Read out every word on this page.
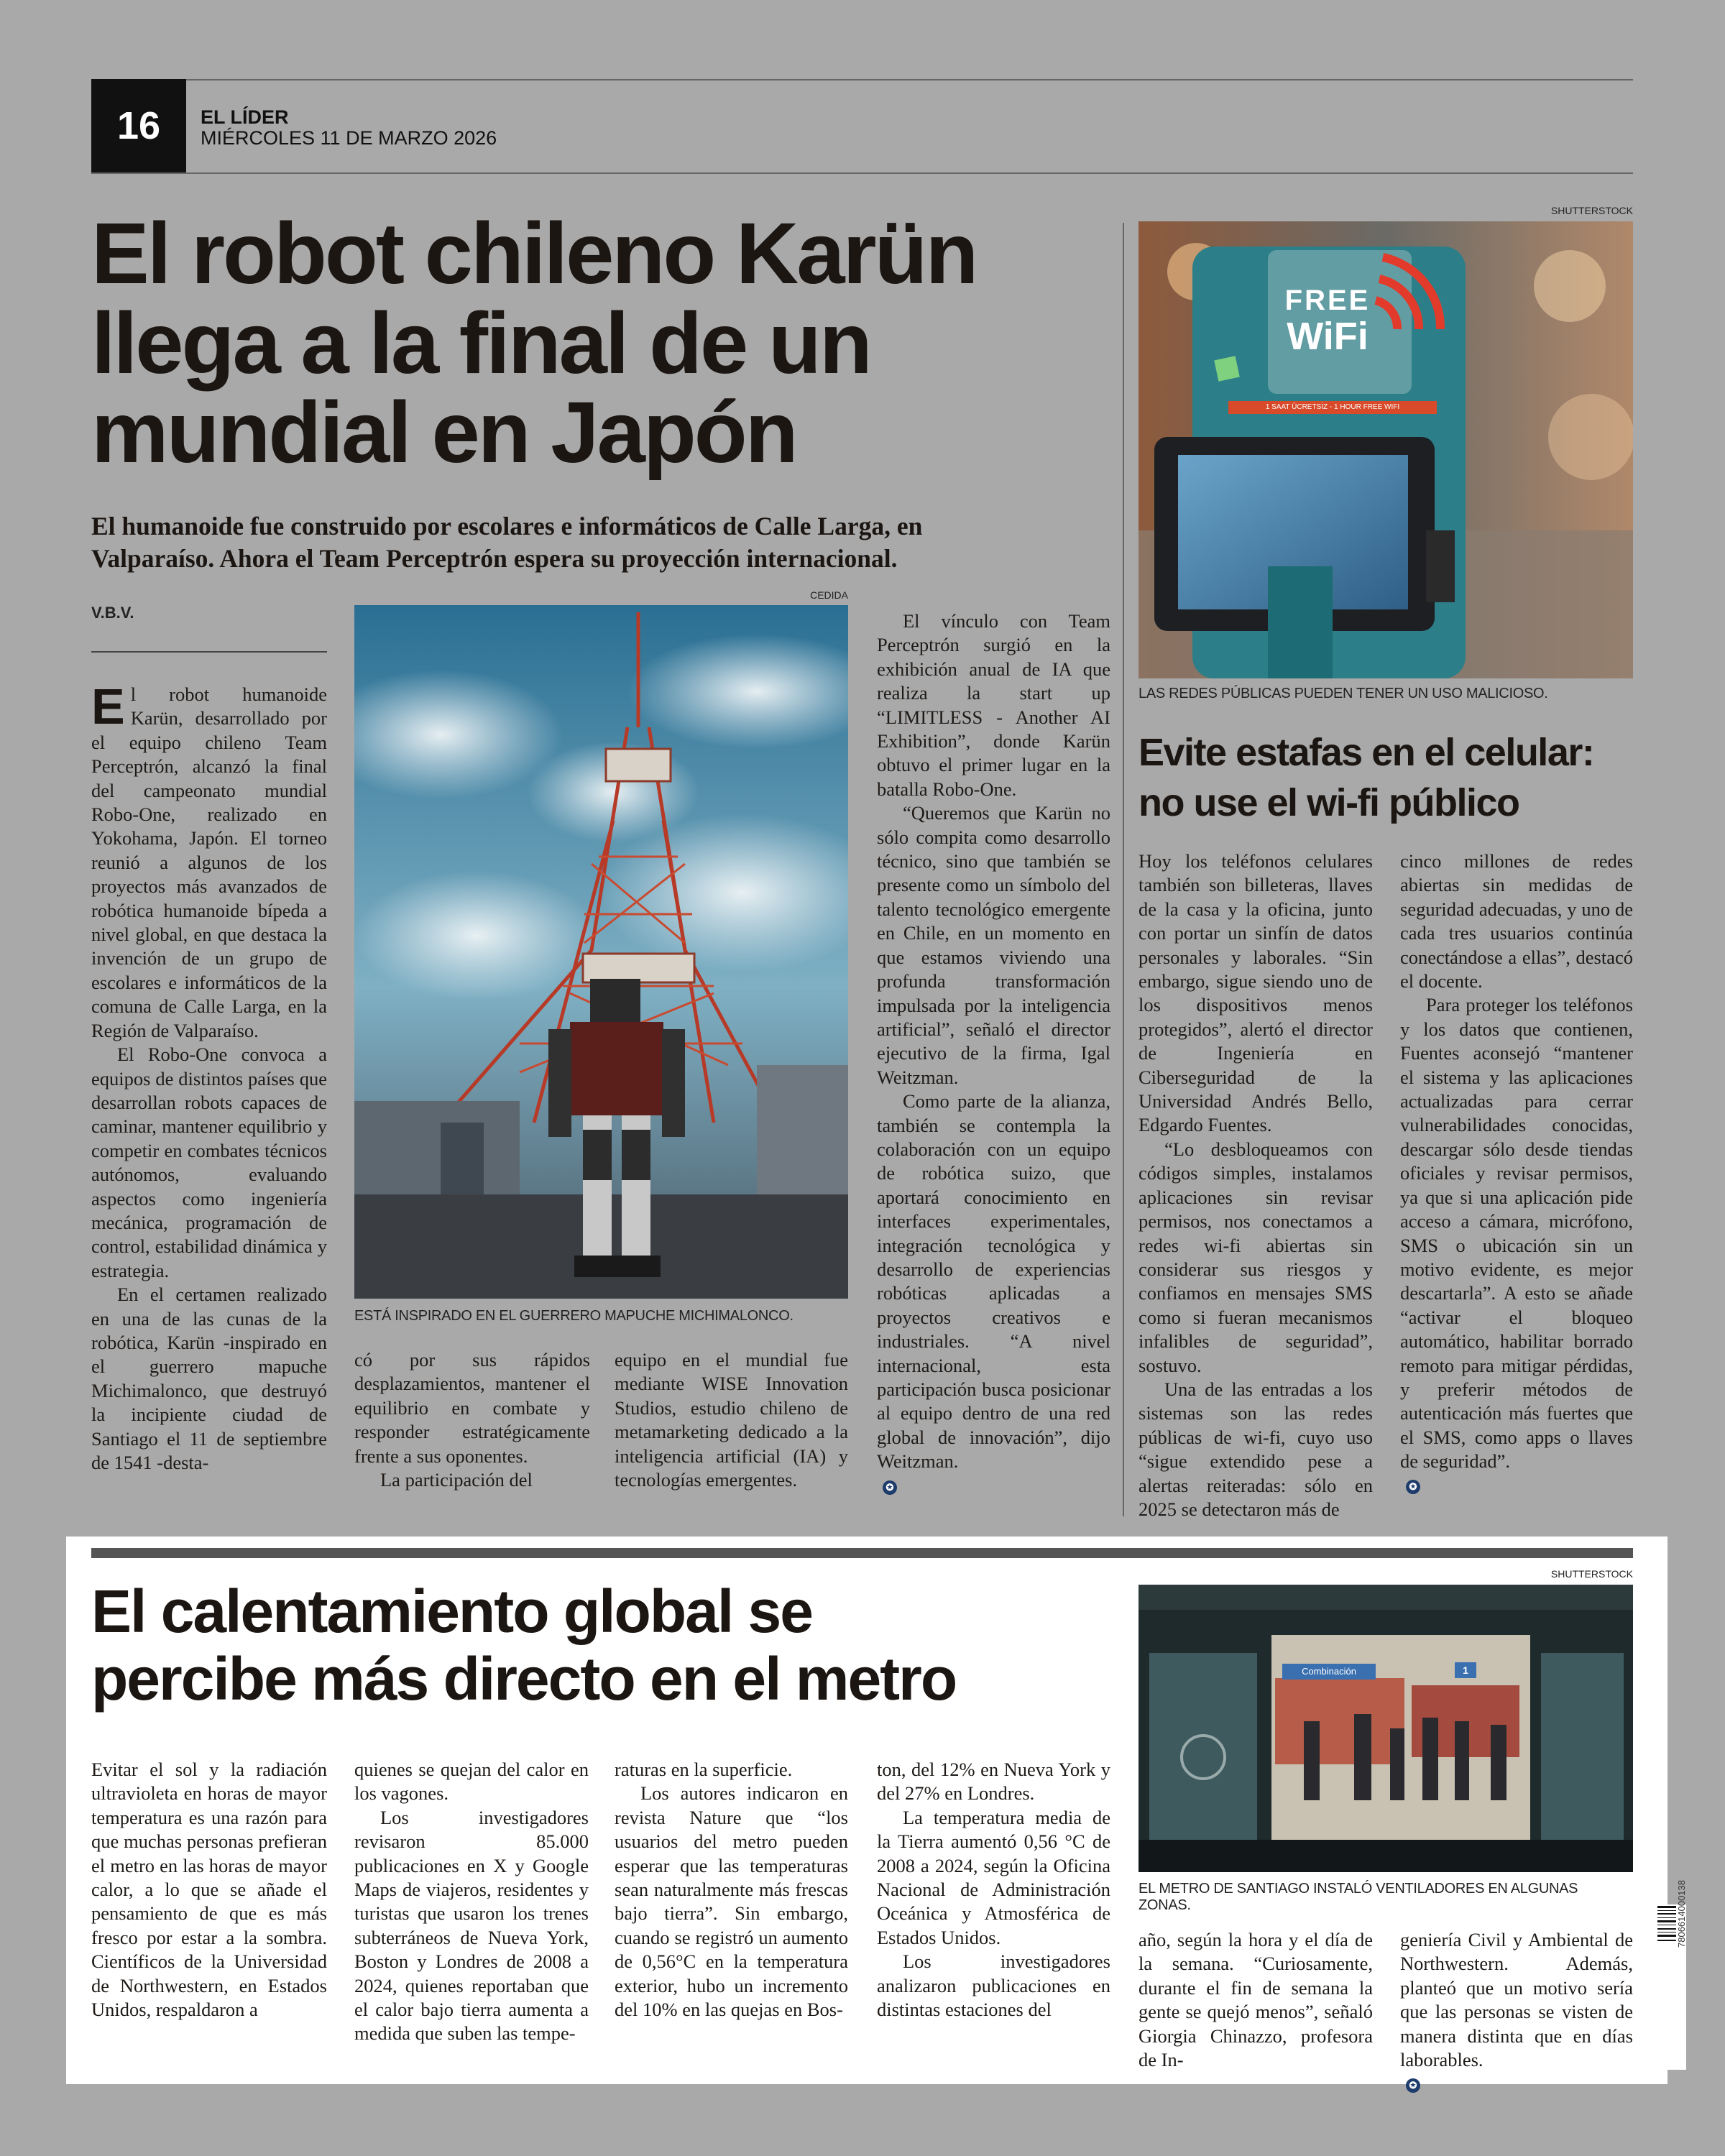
16	EL LÍDER
MIÉRCOLES 11 DE MARZO 2026
El robot chileno Karün
llega a la final de un
mundial en Japón
El humanoide fue construido por escolares e informáticos de Calle Larga, en
Valparaíso. Ahora el Team Perceptrón espera su proyección internacional.
V.B.V.
CEDIDA
ESTÁ INSPIRADO EN EL GUERRERO MAPUCHE MICHIMALONCO.
E l robot humanoide Karün, desarrollado por el equipo chileno Team Perceptrón, alcanzó la final del campeonato mundial Robo-One, realizado en Yokohama, Japón. El torneo reunió a algunos de los proyectos más avanzados de robótica humanoide bípeda a nivel global, en que destaca la invención de un grupo de escolares e informáticos de la comuna de Calle Larga, en la Región de Valparaíso.

El Robo-One convoca a equipos de distintos países que desarrollan robots capaces de caminar, mantener equilibrio y competir en combates técnicos autónomos, evaluando aspectos como ingeniería mecánica, programación de control, estabilidad dinámica y estrategia.

En el certamen realizado en una de las cunas de la robótica, Karün -inspirado en el guerrero mapuche Michimalonco, que destruyó la incipiente ciudad de Santiago el 11 de septiembre de 1541 -desta-

có por sus rápidos desplazamientos, mantener el equilibrio en combate y responder estratégicamente frente a sus oponentes.

La participación del

equipo en el mundial fue mediante WISE Innovation Studios, estudio chileno de metamarketing dedicado a la inteligencia artificial (IA) y tecnologías emergentes.

El vínculo con Team Perceptrón surgió en la exhibición anual de IA que realiza la start up “LIMITLESS - Another AI Exhibition”, donde Karün obtuvo el primer lugar en la batalla Robo-One.

“Queremos que Karün no sólo compita como desarrollo técnico, sino que también se presente como un símbolo del talento tecnológico emergente en Chile, en un momento en que estamos viviendo una profunda transformación impulsada por la inteligencia artificial”, señaló el director ejecutivo de la firma, Igal Weitzman.

Como parte de la alianza, también se contempla la colaboración con un equipo de robótica suizo, que aportará conocimiento en interfaces experimentales, integración tecnológica y desarrollo de experiencias robóticas aplicadas a proyectos creativos e industriales. “A nivel internacional, esta participación busca posicionar al equipo dentro de una red global de innovación”, dijo Weitzman.

✪
SHUTTERSTOCK
FREE
WiFi
1 SAAT ÜCRETSİZ - 1 HOUR FREE WIFI
LAS REDES PÚBLICAS PUEDEN TENER UN USO MALICIOSO.
Evite estafas en el celular:
no use el wi-fi público

Hoy los teléfonos celulares también son billeteras, llaves de la casa y la oficina, junto con portar un sinfín de datos personales y laborales. “Sin embargo, sigue siendo uno de los dispositivos menos protegidos”, alertó el director de Ingeniería en Ciberseguridad de la Universidad Andrés Bello, Edgardo Fuentes.

“Lo desbloqueamos con códigos simples, instalamos aplicaciones sin revisar permisos, nos conectamos a redes wi-fi abiertas sin considerar sus riesgos y confiamos en mensajes SMS como si fueran mecanismos infalibles de seguridad”, sostuvo.

Una de las entradas a los sistemas son las redes públicas de wi-fi, cuyo uso “sigue extendido pese a alertas reiteradas: sólo en 2025 se detectaron más de

cinco millones de redes abiertas sin medidas de seguridad adecuadas, y uno de cada tres usuarios continúa conectándose a ellas”, destacó el docente.

Para proteger los teléfonos y los datos que contienen, Fuentes aconsejó “mantener el sistema y las aplicaciones actualizadas para cerrar vulnerabilidades conocidas, descargar sólo desde tiendas oficiales y revisar permisos, ya que si una aplicación pide acceso a cámara, micrófono, SMS o ubicación sin un motivo evidente, es mejor descartarla”. A esto se añade “activar el bloqueo automático, habilitar borrado remoto para mitigar pérdidas, y preferir métodos de autenticación más fuertes que el SMS, como apps o llaves de seguridad”.

✪
El calentamiento global se
percibe más directo en el metro
SHUTTERSTOCK
Combinación	1
EL METRO DE SANTIAGO INSTALÓ VENTILADORES EN ALGUNAS ZONAS.

Evitar el sol y la radiación ultravioleta en horas de mayor temperatura es una razón para que muchas personas prefieran el metro en las horas de mayor calor, a lo que se añade el pensamiento de que es más fresco por estar a la sombra. Científicos de la Universidad de Northwestern, en Estados Unidos, respaldaron a

quienes se quejan del calor en los vagones.

Los investigadores revisaron 85.000 publicaciones en X y Google Maps de viajeros, residentes y turistas que usaron los trenes subterráneos de Nueva York, Boston y Londres de 2008 a 2024, quienes reportaban que el calor bajo tierra aumenta a medida que suben las tempe-

raturas en la superficie.

Los autores indicaron en revista Nature que “los usuarios del metro pueden esperar que las temperaturas sean naturalmente más frescas bajo tierra”. Sin embargo, cuando se registró un aumento de 0,56°C en la temperatura exterior, hubo un incremento del 10% en las quejas en Bos-

ton, del 12% en Nueva York y del 27% en Londres.

La temperatura media de la Tierra aumentó 0,56 °C de 2008 a 2024, según la Oficina Nacional de Administración Oceánica y Atmosférica de Estados Unidos.

Los investigadores analizaron publicaciones en distintas estaciones del

año, según la hora y el día de la semana. “Curiosamente, durante el fin de semana la gente se quejó menos”, señaló Giorgia Chinazzo, profesora de In-

geniería Civil y Ambiental de Northwestern. Además, planteó que un motivo sería que las personas se visten de manera distinta que en días laborables.

✪
7806614000138
